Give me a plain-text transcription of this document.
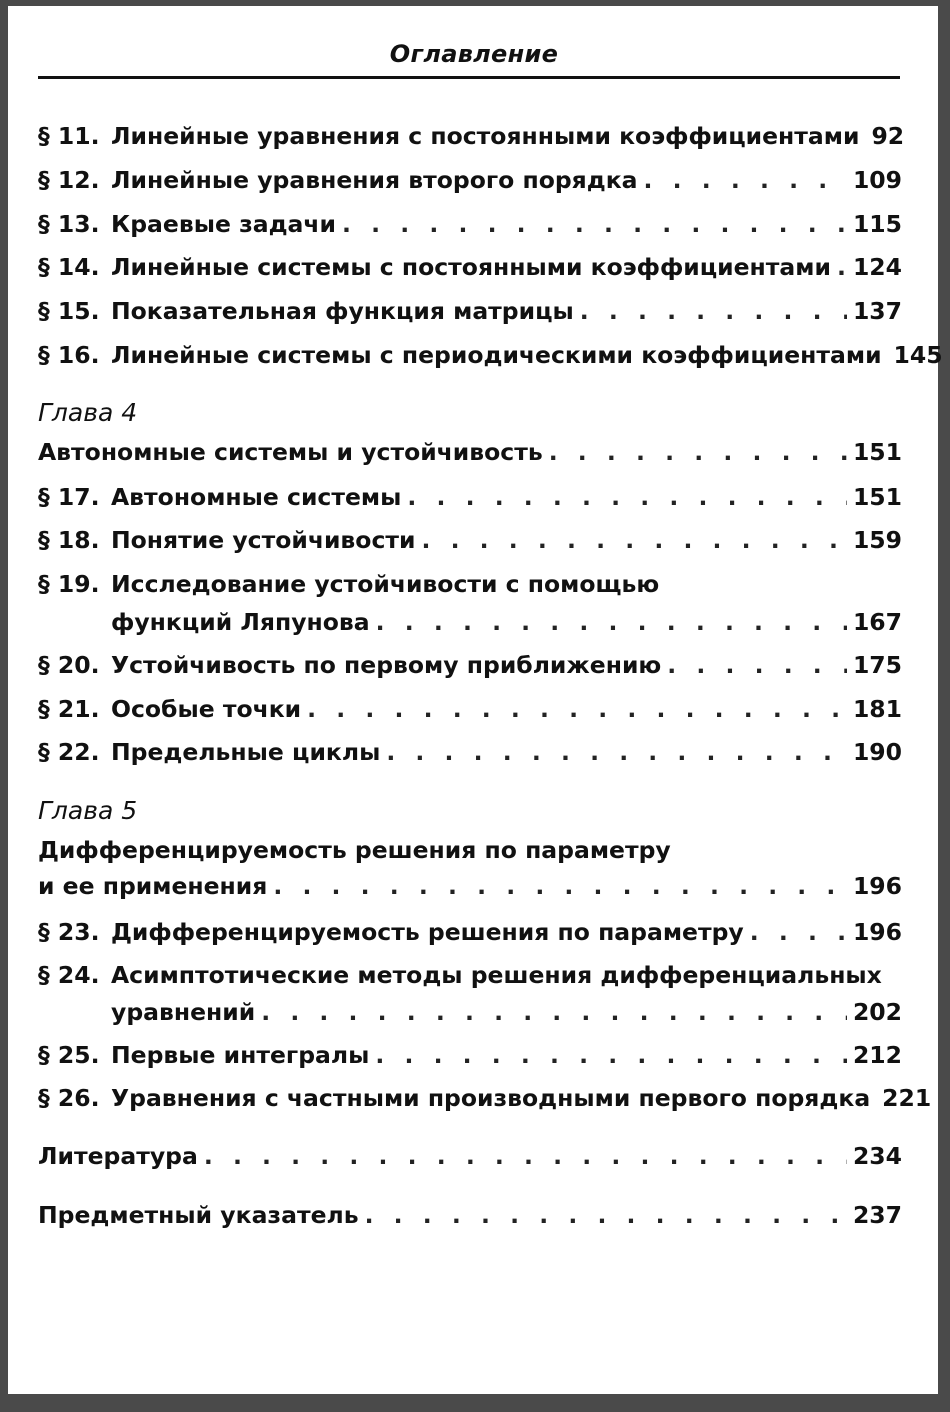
Оглавление
§ 11. Линейные уравнения с постоянными коэффициентами 92
§ 12. Линейные уравнения второго порядка . . .	109
§ 13. Краевые задачи . . .	115
§ 14. Линейные системы с постоянными коэффициентами . . . 124
§ 15. Показательная функция матрицы . . .	137
§ 16. Линейные системы с периодическими коэффициентами 145
Глава 4
Автономные системы и устойчивость . . .	151
§ 17. Автономные системы . . .	151
§ 18. Понятие устойчивости . . .	159
§ 19. Исследование устойчивости с помощью
функций Ляпунова . . .	167
§ 20. Устойчивость по первому приближению . . .	175
§ 21. Особые точки . . .	181
§ 22. Предельные циклы . . .	190
Глава 5
Дифференцируемость решения по параметру
и ее применения . . .	196
§ 23. Дифференцируемость решения по параметру . . .	196
§ 24. Асимптотические методы решения дифференциальных
уравнений . . .	202
§ 25. Первые интегралы . . .	212
§ 26. Уравнения с частными производными первого порядка 221
Литература . . .	234
Предметный указатель . . .	237
